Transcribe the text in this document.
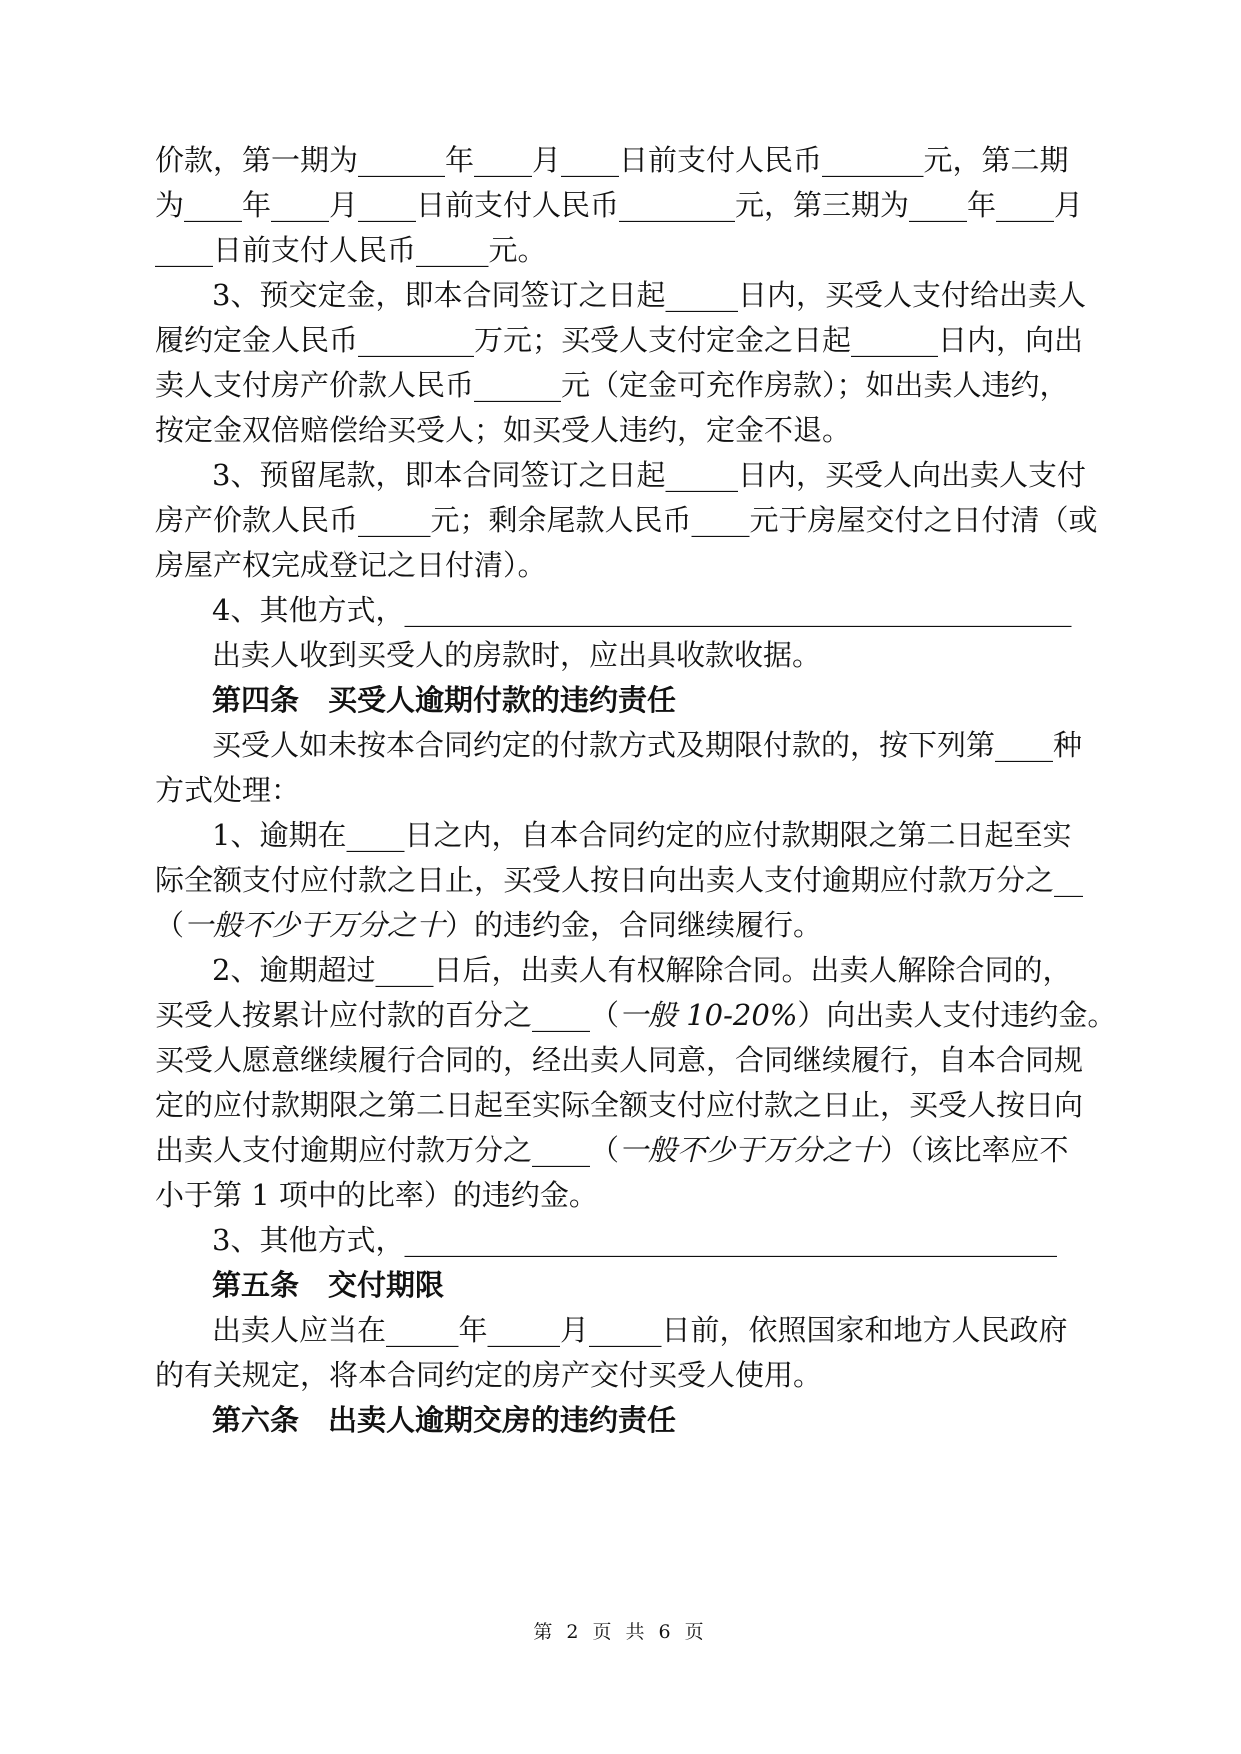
价款，第一期为______年____月____日前支付人民币_______元，第二期
为____年____月____日前支付人民币________元，第三期为____年____月
____日前支付人民币_____元。
3、预交定金，即本合同签订之日起_____日内，买受人支付给出卖人
履约定金人民币________万元；买受人支付定金之日起______日内，向出
卖人支付房产价款人民币______元（定金可充作房款）；如出卖人违约，
按定金双倍赔偿给买受人；如买受人违约，定金不退。
3、预留尾款，即本合同签订之日起_____日内，买受人向出卖人支付
房产价款人民币_____元；剩余尾款人民币____元于房屋交付之日付清（或
房屋产权完成登记之日付清）。
4、其他方式，______________________________________________
出卖人收到买受人的房款时，应出具收款收据。
第四条　买受人逾期付款的违约责任
买受人如未按本合同约定的付款方式及期限付款的，按下列第____种
方式处理：
1、逾期在____日之内，自本合同约定的应付款期限之第二日起至实
际全额支付应付款之日止，买受人按日向出卖人支付逾期应付款万分之__
（一般不少于万分之十）的违约金，合同继续履行。
2、逾期超过____日后，出卖人有权解除合同。出卖人解除合同的，
买受人按累计应付款的百分之____（一般 10-20%）向出卖人支付违约金。
买受人愿意继续履行合同的，经出卖人同意，合同继续履行，自本合同规
定的应付款期限之第二日起至实际全额支付应付款之日止，买受人按日向
出卖人支付逾期应付款万分之____（一般不少于万分之十）（该比率应不
小于第 1 项中的比率）的违约金。
3、其他方式，_____________________________________________
第五条　交付期限
出卖人应当在_____年_____月_____日前，依照国家和地方人民政府
的有关规定，将本合同约定的房产交付买受人使用。
第六条　出卖人逾期交房的违约责任
第 2 页 共 6 页
